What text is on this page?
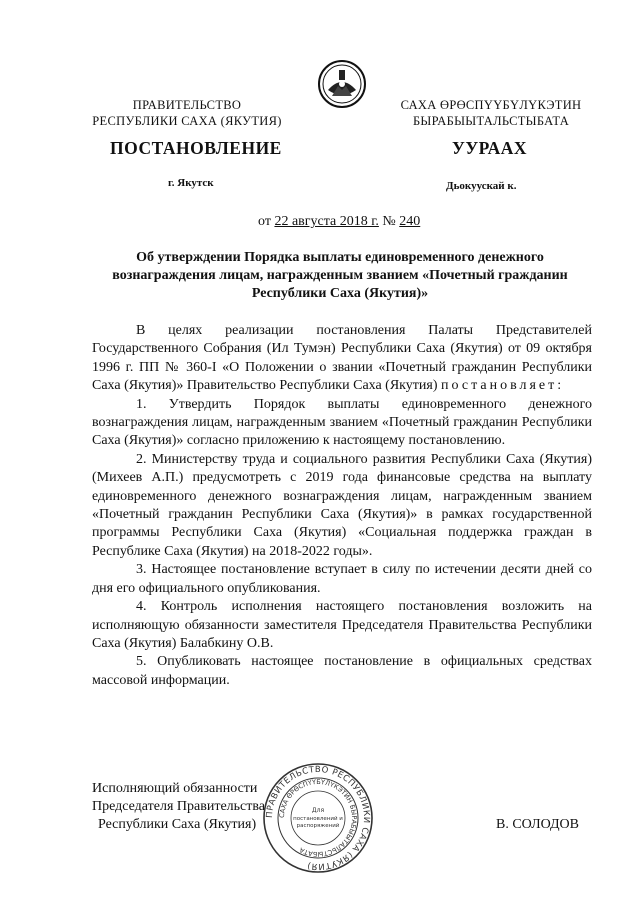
ПРАВИТЕЛЬСТВО
РЕСПУБЛИКИ САХА (ЯКУТИЯ)
САХА ӨРӨСПҮҮБҮЛҮКЭТИН
БЫРАБЫЫТАЛЬСТЫБАТА
ПОСТАНОВЛЕНИЕ	УУРААХ
г. Якутск	Дьокуускай к.
от 22 августа 2018 г. № 240
Об утверждении Порядка выплаты единовременного денежного
вознаграждения лицам, награжденным званием «Почетный гражданин
Республики Саха (Якутия)»

В целях реализации постановления Палаты Представителей Государственного Собрания (Ил Тумэн) Республики Саха (Якутия) от 09 октября 1996 г. ПП № 360-I «О Положении о звании «Почетный гражданин Республики Саха (Якутия)» Правительство Республики Саха (Якутия) постановляет:

1. Утвердить Порядок выплаты единовременного денежного вознаграждения лицам, награжденным званием «Почетный гражданин Республики Саха (Якутия)» согласно приложению к настоящему постановлению.

2. Министерству труда и социального развития Республики Саха (Якутия) (Михеев А.П.) предусмотреть с 2019 года финансовые средства на выплату единовременного денежного вознаграждения лицам, награжденным званием «Почетный гражданин Республики Саха (Якутия)» в рамках государственной программы Республики Саха (Якутия) «Социальная поддержка граждан в Республике Саха (Якутия) на 2018-2022 годы».

3. Настоящее постановление вступает в силу по истечении десяти дней со дня его официального опубликования.

4. Контроль исполнения настоящего постановления возложить на исполняющую обязанности заместителя Председателя Правительства Республики Саха (Якутия) Балабкину О.В.

5. Опубликовать настоящее постановление в официальных средствах массовой информации.

Исполняющий обязанности
Председателя Правительства
Республики Саха (Якутия)	В. СОЛОДОВ
ПРАВИТЕЛЬСТВО РЕСПУБЛИКИ САХА (ЯКУТИЯ)
САХА ӨРӨСПҮҮБҮЛҮКЭТИН БЫРАБЫЫТАЛЬСТЫБАТА
Для
постановлений и
распоряжений
